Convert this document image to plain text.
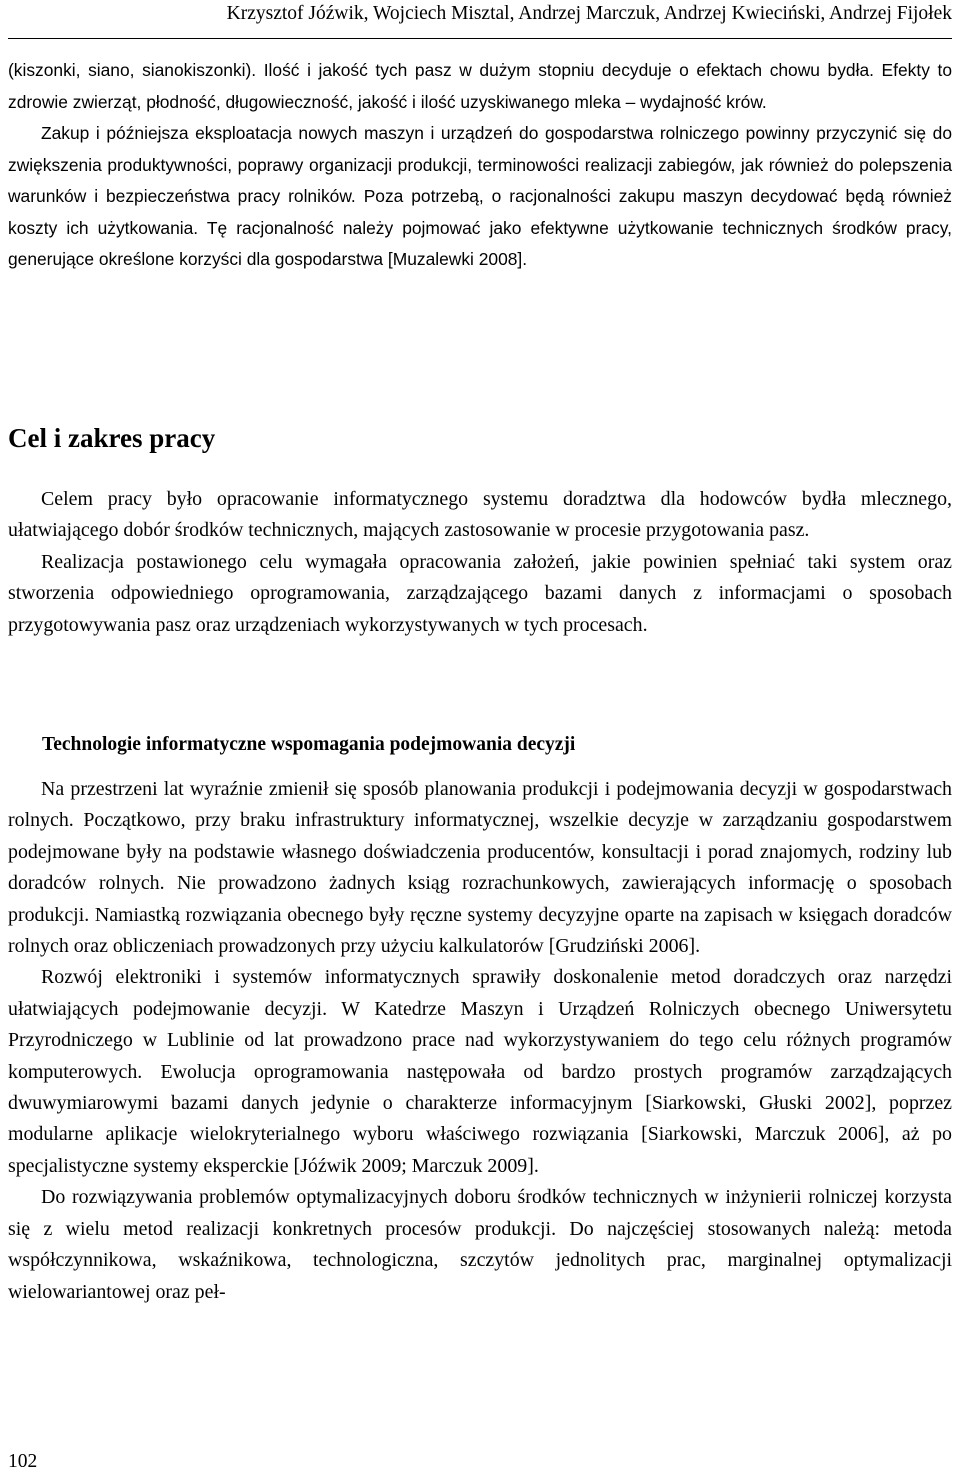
Krzysztof Jóźwik, Wojciech Misztal, Andrzej Marczuk, Andrzej Kwieciński, Andrzej Fijołek

(kiszonki, siano, sianokiszonki). Ilość i jakość tych pasz w dużym stopniu decyduje o efektach chowu bydła. Efekty to zdrowie zwierząt, płodność, długowieczność, jakość i ilość uzyskiwanego mleka – wydajność krów.

Zakup i późniejsza eksploatacja nowych maszyn i urządzeń do gospodarstwa rolniczego powinny przyczynić się do zwiększenia produktywności, poprawy organizacji produkcji, terminowości realizacji zabiegów, jak również do polepszenia warunków i bezpieczeństwa pracy rolników. Poza potrzebą, o racjonalności zakupu maszyn decydować będą również koszty ich użytkowania. Tę racjonalność należy pojmować jako efektywne użytkowanie technicznych środków pracy, generujące określone korzyści dla gospodarstwa [Muzalewki 2008].

Cel i zakres pracy

Celem pracy było opracowanie informatycznego systemu doradztwa dla hodowców bydła mlecznego, ułatwiającego dobór środków technicznych, mających zastosowanie w procesie przygotowania pasz.

Realizacja postawionego celu wymagała opracowania założeń, jakie powinien spełniać taki system oraz stworzenia odpowiedniego oprogramowania, zarządzającego bazami danych z informacjami o sposobach przygotowywania pasz oraz urządzeniach wykorzystywanych w tych procesach.

Technologie informatyczne wspomagania podejmowania decyzji

Na przestrzeni lat wyraźnie zmienił się sposób planowania produkcji i podejmowania decyzji w gospodarstwach rolnych. Początkowo, przy braku infrastruktury informatycznej, wszelkie decyzje w zarządzaniu gospodarstwem podejmowane były na podstawie własnego doświadczenia producentów, konsultacji i porad znajomych, rodziny lub doradców rolnych. Nie prowadzono żadnych ksiąg rozrachunkowych, zawierających informację o sposobach produkcji. Namiastką rozwiązania obecnego były ręczne systemy decyzyjne oparte na zapisach w księgach doradców rolnych oraz obliczeniach prowadzonych przy użyciu kalkulatorów [Grudziński 2006].

Rozwój elektroniki i systemów informatycznych sprawiły doskonalenie metod doradczych oraz narzędzi ułatwiających podejmowanie decyzji. W Katedrze Maszyn i Urządzeń Rolniczych obecnego Uniwersytetu Przyrodniczego w Lublinie od lat prowadzono prace nad wykorzystywaniem do tego celu różnych programów komputerowych. Ewolucja oprogramowania następowała od bardzo prostych programów zarządzających dwuwymiarowymi bazami danych jedynie o charakterze informacyjnym [Siarkowski, Głuski 2002], poprzez modularne aplikacje wielokryterialnego wyboru właściwego rozwiązania [Siarkowski, Marczuk 2006], aż po specjalistyczne systemy eksperckie [Jóźwik 2009; Marczuk 2009].

Do rozwiązywania problemów optymalizacyjnych doboru środków technicznych w inżynierii rolniczej korzysta się z wielu metod realizacji konkretnych procesów produkcji. Do najczęściej stosowanych należą: metoda współczynnikowa, wskaźnikowa, technologiczna, szczytów jednolitych prac, marginalnej optymalizacji wielowariantowej oraz peł-

102
